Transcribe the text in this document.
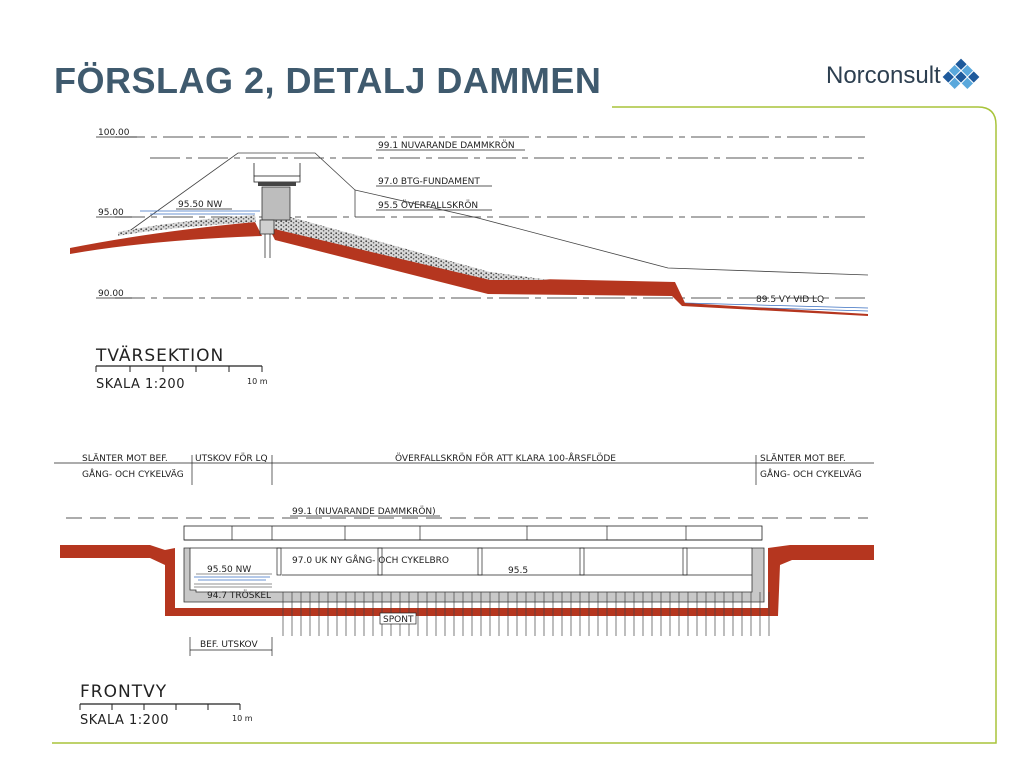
FÖRSLAG 2, DETALJ DAMMEN	Norconsult
100.00
95.00
90.00
99.1 NUVARANDE DAMMKRÖN
97.0 BTG-FUNDAMENT
95.5 ÖVERFALLSKRÖN
95.50 NW
89.5 VY VID LQ
TVÄRSEKTION
SKALA 1:200	10 m
SLÄNTER MOT BEF.
GÅNG- OCH CYKELVÄG
UTSKOV FÖR LQ	ÖVERFALLSKRÖN FÖR ATT KLARA 100-ÅRSFLÖDE	SLÄNTER MOT BEF.
GÅNG- OCH CYKELVÄG
99.1 (NUVARANDE DAMMKRÖN)
97.0 UK NY GÅNG- OCH CYKELBRO
95.50 NW	95.5
94.7 TRÖSKEL
SPONT
BEF. UTSKOV
FRONTVY
SKALA 1:200	10 m
